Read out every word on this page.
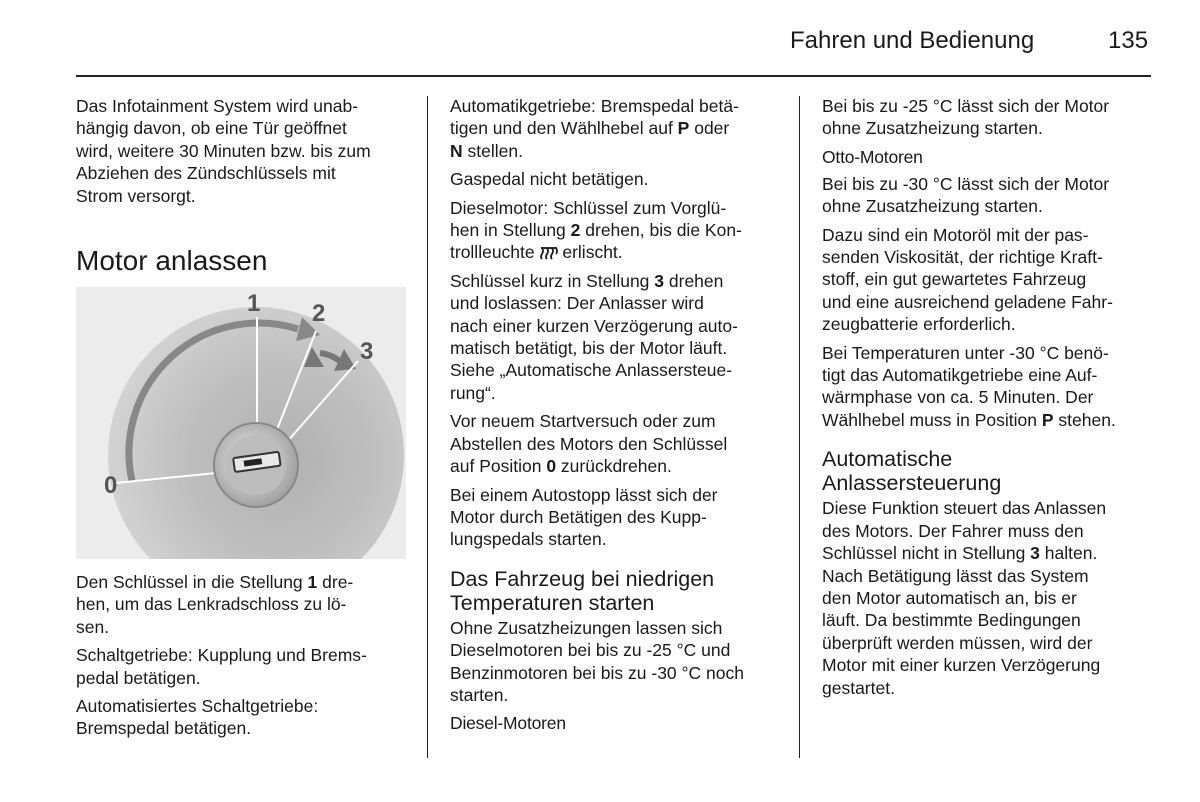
Fahren und Bedienung	135
Das Infotainment System wird unab-
hängig davon, ob eine Tür geöffnet
wird, weitere 30 Minuten bzw. bis zum
Abziehen des Zündschlüssels mit
Strom versorgt.
Motor anlassen
0
1 2
3
Den Schlüssel in die Stellung 1 dre-
hen, um das Lenkradschloss zu lö-
sen.
Schaltgetriebe: Kupplung und Brems-
pedal betätigen.
Automatisiertes Schaltgetriebe:
Bremspedal betätigen.
Automatikgetriebe: Bremspedal betä-
tigen und den Wählhebel auf P oder
N stellen.
Gaspedal nicht betätigen.
Dieselmotor: Schlüssel zum Vorglü-
hen in Stellung 2 drehen, bis die Kon-
trollleuchte  erlischt.
Schlüssel kurz in Stellung 3 drehen
und loslassen: Der Anlasser wird
nach einer kurzen Verzögerung auto-
matisch betätigt, bis der Motor läuft.
Siehe „Automatische Anlassersteue-
rung“.
Vor neuem Startversuch oder zum
Abstellen des Motors den Schlüssel
auf Position 0 zurückdrehen.
Bei einem Autostopp lässt sich der
Motor durch Betätigen des Kupp-
lungspedals starten.
Das Fahrzeug bei niedrigen
Temperaturen starten
Ohne Zusatzheizungen lassen sich
Dieselmotoren bei bis zu -25 °C und
Benzinmotoren bei bis zu -30 °C noch
starten.
Diesel-Motoren
Bei bis zu -25 °C lässt sich der Motor
ohne Zusatzheizung starten.
Otto-Motoren
Bei bis zu -30 °C lässt sich der Motor
ohne Zusatzheizung starten.
Dazu sind ein Motoröl mit der pas-
senden Viskosität, der richtige Kraft-
stoff, ein gut gewartetes Fahrzeug
und eine ausreichend geladene Fahr-
zeugbatterie erforderlich.
Bei Temperaturen unter -30 °C benö-
tigt das Automatikgetriebe eine Auf-
wärmphase von ca. 5 Minuten. Der
Wählhebel muss in Position P stehen.
Automatische
Anlassersteuerung
Diese Funktion steuert das Anlassen
des Motors. Der Fahrer muss den
Schlüssel nicht in Stellung 3 halten.
Nach Betätigung lässt das System
den Motor automatisch an, bis er
läuft. Da bestimmte Bedingungen
überprüft werden müssen, wird der
Motor mit einer kurzen Verzögerung
gestartet.
